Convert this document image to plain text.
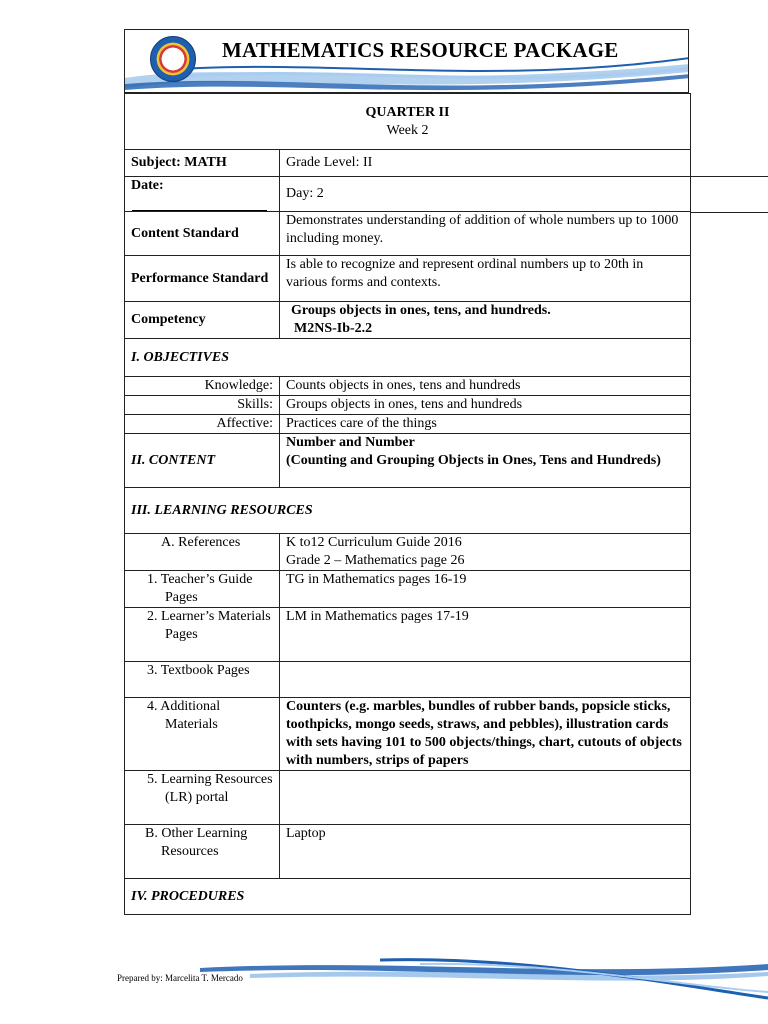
MATHEMATICS RESOURCE PACKAGE
QUARTER II
Week 2	

Subject: MATH	Grade Level: II
Date:	Day: 2
Content Standard	Demonstrates understanding of addition of whole numbers up to 1000 including money.
Performance Standard	Is able to recognize and represent ordinal numbers up to 20th in various forms and contexts.
Competency	Groups objects in ones, tens, and hundreds.
M2NS-Ib-2.2

I. OBJECTIVES	
Knowledge:	Counts objects in ones, tens and hundreds
Skills:	Groups objects in ones, tens and hundreds
Affective:	Practices care of the things
II. CONTENT	Number and Number
(Counting and Grouping Objects in Ones, Tens and Hundreds)

III. LEARNING RESOURCES	
A. References	K to12 Curriculum Guide 2016
Grade 2 – Mathematics page 26

1. Teacher’s Guide Pages	TG in Mathematics pages 16-19
2. Learner’s Materials Pages	LM in Mathematics pages 17-19
3. Textbook Pages	
4. Additional Materials	Counters (e.g. marbles, bundles of rubber bands, popsicle sticks, toothpicks, mongo seeds, straws, and pebbles), illustration cards with sets having 101 to 500 objects/things, chart, cutouts of objects with numbers, strips of papers
5. Learning Resources (LR) portal	
B. Other Learning Resources	Laptop
IV. PROCEDURES	
Prepared by: Marcelita T. Mercado
